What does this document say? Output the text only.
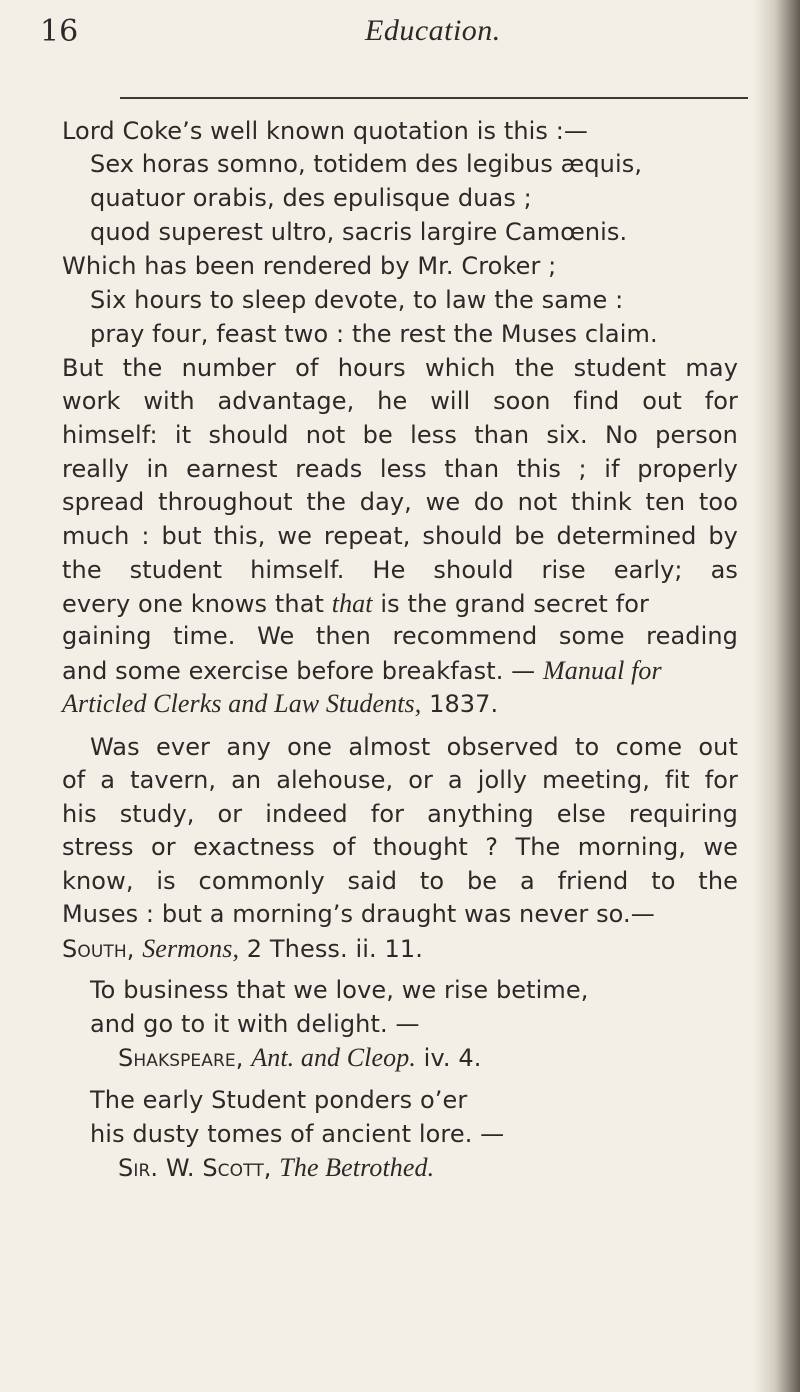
16	Education.
Lord Coke’s well known quotation is this :—
Sex horas somno, totidem des legibus æquis,
quatuor orabis, des epulisque duas ;
quod superest ultro, sacris largire Camœnis.
Which has been rendered by Mr. Croker ;
Six hours to sleep devote, to law the same :
pray four, feast two : the rest the Muses claim.
But the number of hours which the student may
work with advantage, he will soon find out for
himself: it should not be less than six. No person
really in earnest reads less than this ; if properly
spread throughout the day, we do not think ten too
much : but this, we repeat, should be determined by
the student himself. He should rise early; as
every one knows that that is the grand secret for
gaining time. We then recommend some reading
and some exercise before breakfast. — Manual for
Articled Clerks and Law Students, 1837.
Was ever any one almost observed to come out
of a tavern, an alehouse, or a jolly meeting, fit for
his study, or indeed for anything else requiring
stress or exactness of thought ? The morning, we
know, is commonly said to be a friend to the
Muses : but a morning’s draught was never so.—
South, Sermons, 2 Thess. ii. 11.
To business that we love, we rise betime,
and go to it with delight. —
Shakspeare, Ant. and Cleop. iv. 4.
The early Student ponders o’er
his dusty tomes of ancient lore. —
Sir. W. Scott, The Betrothed.
